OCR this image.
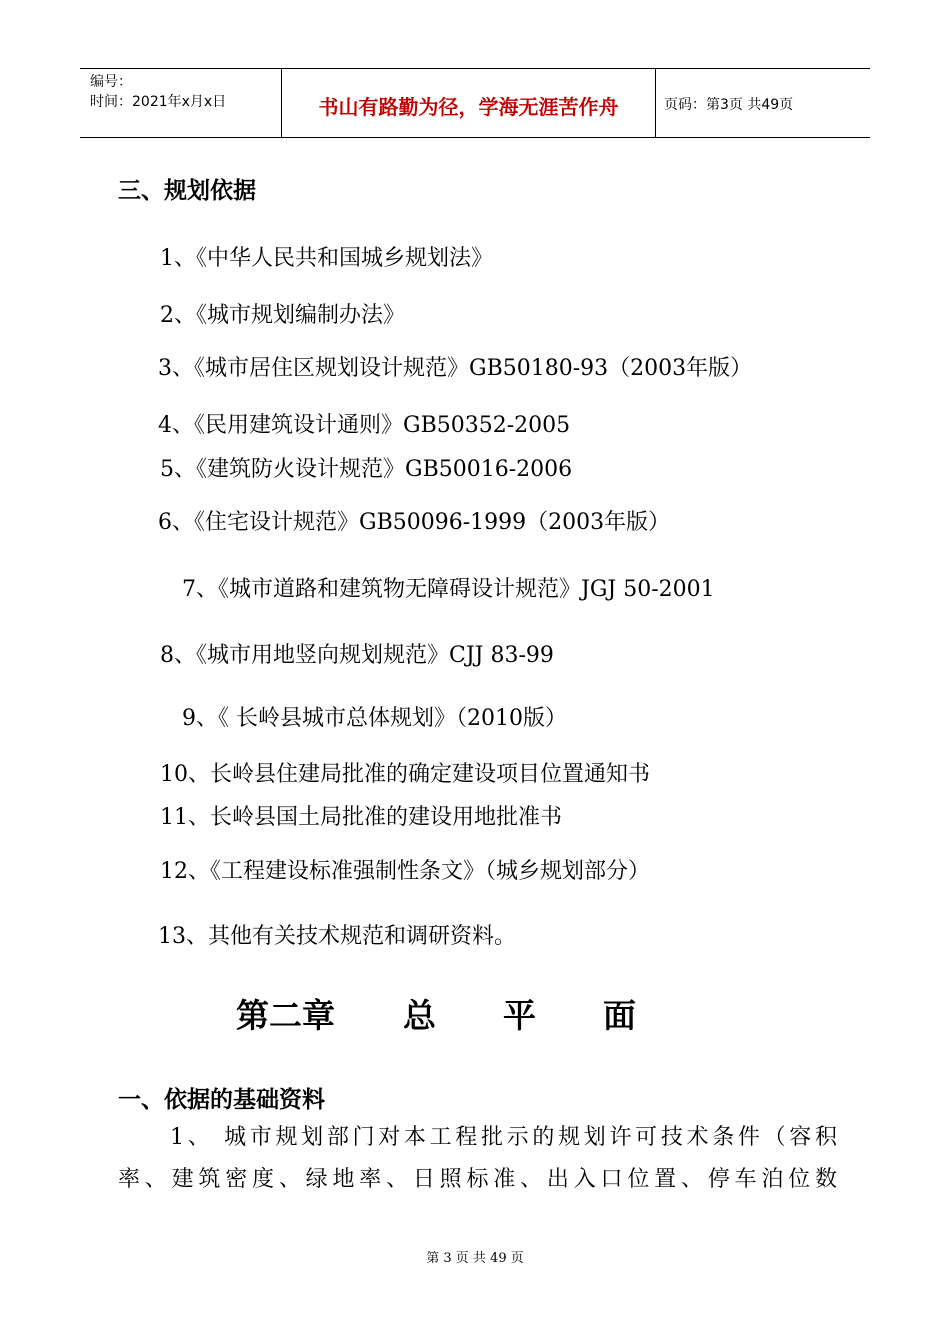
编号：
时间：2021年x月x日	书山有路勤为径，学海无涯苦作舟	页码：第3页 共49页
三、规划依据
1、《中华人民共和国城乡规划法》
2、《城市规划编制办法》
3、《城市居住区规划设计规范》GB50180-93（2003年版）
4、《民用建筑设计通则》GB50352-2005
5、《建筑防火设计规范》GB50016-2006
6、《住宅设计规范》GB50096-1999（2003年版）
7、《城市道路和建筑物无障碍设计规范》JGJ 50-2001
8、《城市用地竖向规划规范》CJJ 83-99
9、《 长岭县城市总体规划》（2010版）
10、长岭县住建局批准的确定建设项目位置通知书
11、长岭县国土局批准的建设用地批准书
12、《工程建设标准强制性条文》（城乡规划部分）
13、其他有关技术规范和调研资料。
第二章 总 平 面
一、依据的基础资料
1、 城市规划部门对本工程批示的规划许可技术条件（容积
率、建筑密度、绿地率、日照标准、出入口位置、停车泊位数
第 3 页 共 49 页
